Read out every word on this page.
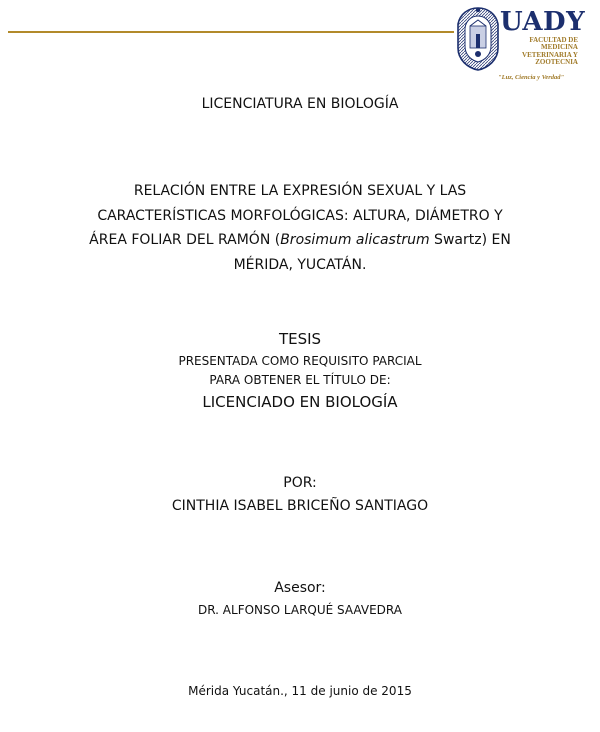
UADY
FACULTAD DE
MEDICINA
VETERINARIA Y
ZOOTECNIA
"Luz, Ciencia y Verdad"

LICENCIATURA EN BIOLOGÍA

RELACIÓN ENTRE LA EXPRESIÓN SEXUAL Y LAS
CARACTERÍSTICAS MORFOLÓGICAS: ALTURA, DIÁMETRO Y
ÁREA FOLIAR DEL RAMÓN (Brosimum alicastrum Swartz) EN
MÉRIDA, YUCATÁN.

TESIS

PRESENTADA COMO REQUISITO PARCIAL

PARA OBTENER EL TÍTULO DE:

LICENCIADO EN BIOLOGÍA

POR:

CINTHIA ISABEL BRICEÑO SANTIAGO

Asesor:

DR. ALFONSO LARQUÉ SAAVEDRA

Mérida Yucatán., 11 de junio de 2015
